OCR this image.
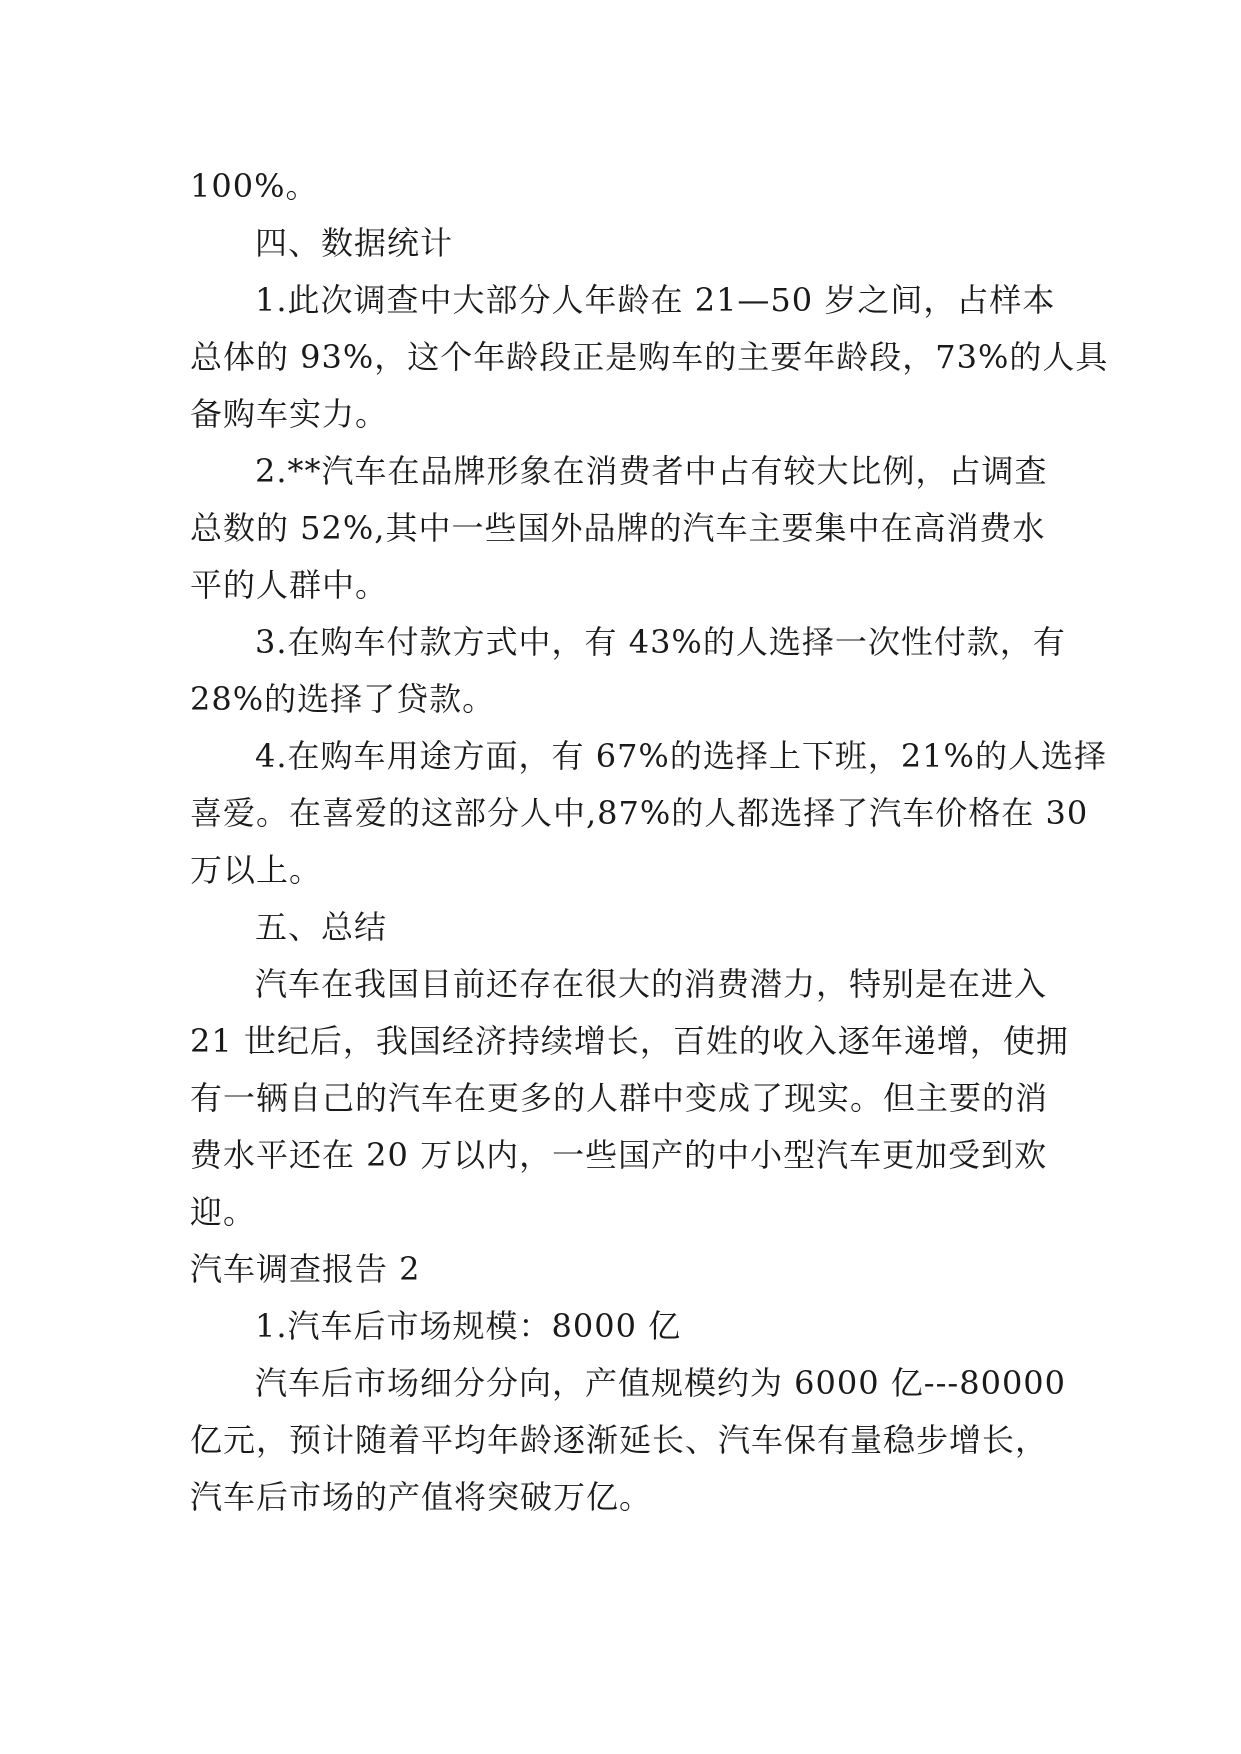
100%。
四、数据统计
1.此次调查中大部分人年龄在 21—50 岁之间，占样本
总体的 93%，这个年龄段正是购车的主要年龄段，73%的人具
备购车实力。
2.**汽车在品牌形象在消费者中占有较大比例，占调查
总数的 52%,其中一些国外品牌的汽车主要集中在高消费水
平的人群中。
3.在购车付款方式中，有 43%的人选择一次性付款，有
28%的选择了贷款。
4.在购车用途方面，有 67%的选择上下班，21%的人选择
喜爱。在喜爱的这部分人中,87%的人都选择了汽车价格在 30
万以上。
五、总结
汽车在我国目前还存在很大的消费潜力，特别是在进入
21 世纪后，我国经济持续增长，百姓的收入逐年递增，使拥
有一辆自己的汽车在更多的人群中变成了现实。但主要的消
费水平还在 20 万以内，一些国产的中小型汽车更加受到欢
迎。
汽车调查报告 2
1.汽车后市场规模：8000 亿
汽车后市场细分分向，产值规模约为 6000 亿---80000
亿元，预计随着平均年龄逐渐延长、汽车保有量稳步增长，
汽车后市场的产值将突破万亿。
